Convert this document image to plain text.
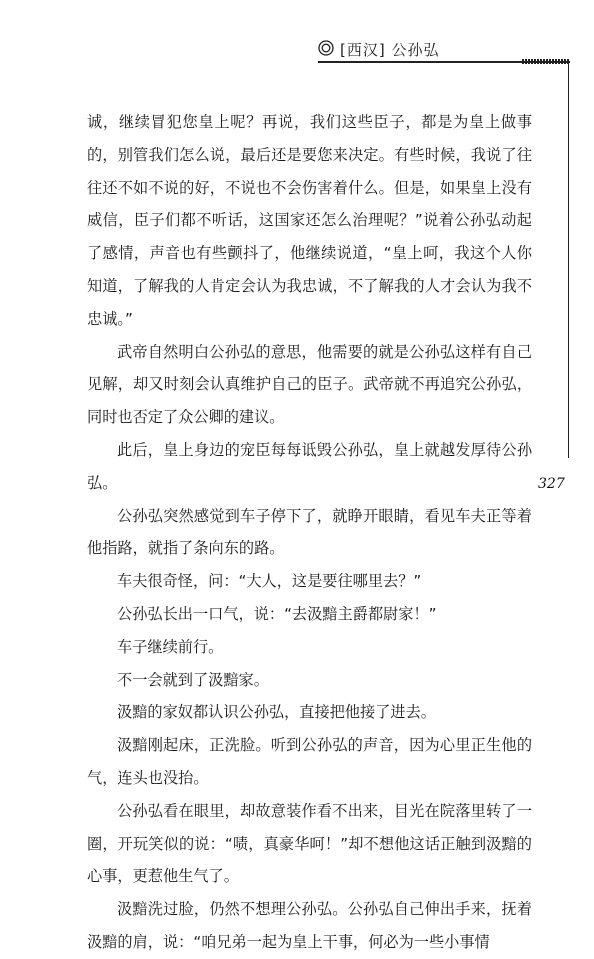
[西汉] 公孙弘
327

诚，继续冒犯您皇上呢？再说，我们这些臣子，都是为皇上做事的，别管我们怎么说，最后还是要您来决定。有些时候，我说了往往还不如不说的好，不说也不会伤害着什么。但是，如果皇上没有威信，臣子们都不听话，这国家还怎么治理呢？”说着公孙弘动起了感情，声音也有些颤抖了，他继续说道，“皇上呵，我这个人你知道，了解我的人肯定会认为我忠诚，不了解我的人才会认为我不忠诚。”

武帝自然明白公孙弘的意思，他需要的就是公孙弘这样有自己见解，却又时刻会认真维护自己的臣子。武帝就不再追究公孙弘，同时也否定了众公卿的建议。

此后，皇上身边的宠臣每每诋毁公孙弘，皇上就越发厚待公孙弘。

公孙弘突然感觉到车子停下了，就睁开眼睛，看见车夫正等着他指路，就指了条向东的路。

车夫很奇怪，问：“大人，这是要往哪里去？”

公孙弘长出一口气，说：“去汲黯主爵都尉家！”

车子继续前行。

不一会就到了汲黯家。

汲黯的家奴都认识公孙弘，直接把他接了进去。

汲黯刚起床，正洗脸。听到公孙弘的声音，因为心里正生他的气，连头也没抬。

公孙弘看在眼里，却故意装作看不出来，目光在院落里转了一圈，开玩笑似的说：“啧，真豪华呵！”却不想他这话正触到汲黯的心事，更惹他生气了。

汲黯洗过脸，仍然不想理公孙弘。公孙弘自己伸出手来，抚着汲黯的肩，说：“咱兄弟一起为皇上干事，何必为一些小事情
